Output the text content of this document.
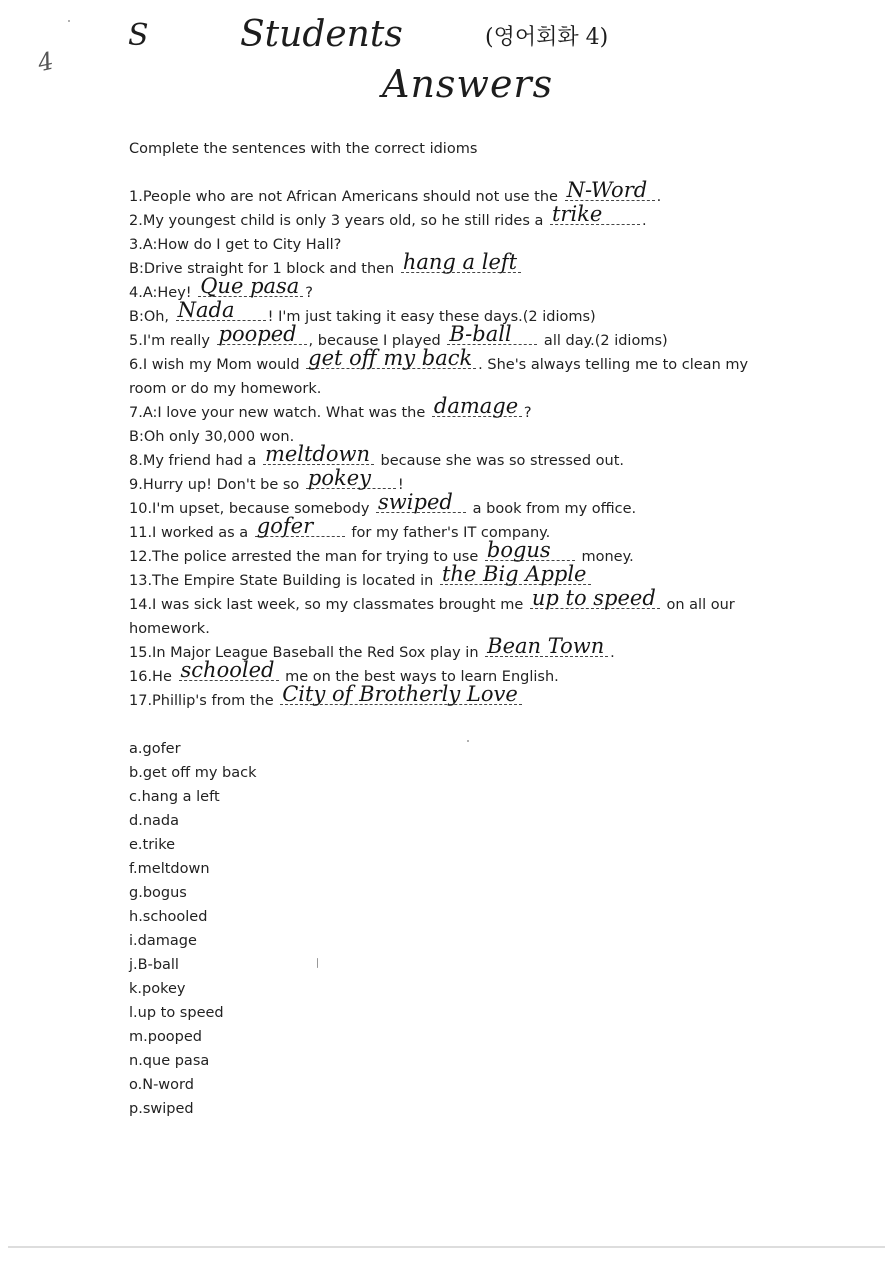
4
S	Students	(영어회화 4)
Answers
Complete the sentences with the correct idioms
1.People who are not African Americans should not use the N-Word .
2.My youngest child is only 3 years old, so he still rides a trike	.
3.A:How do I get to City Hall?
B:Drive straight for 1 block and then hang a left
4.A:Hey! Que pasa ?
B:Oh, Nada ! I'm just taking it easy these days.(2 idioms)
5.I'm really pooped , because I played B-ball all day.(2 idioms)
6.I wish my Mom would get off my back . She's always telling me to clean my room or do my homework.
7.A:I love your new watch. What was the damage ?
B:Oh only 30,000 won.
8.My friend had a meltdown because she was so stressed out.
9.Hurry up! Don't be so pokey !
10.I'm upset, because somebody swiped a book from my office.
11.I worked as a gofer for my father's IT company.
12.The police arrested the man for trying to use bogus money.
13.The Empire State Building is located in the Big Apple
14.I was sick last week, so my classmates brought me up to speed on all our homework.
15.In Major League Baseball the Red Sox play in Bean Town .
16.He schooled me on the best ways to learn English.
17.Phillip's from the City of Brotherly Love
a.gofer
b.get off my back
c.hang a left
d.nada
e.trike
f.meltdown
g.bogus
h.schooled
i.damage
j.B-ball
k.pokey
l.up to speed
m.pooped
n.que pasa
o.N-word
p.swiped
